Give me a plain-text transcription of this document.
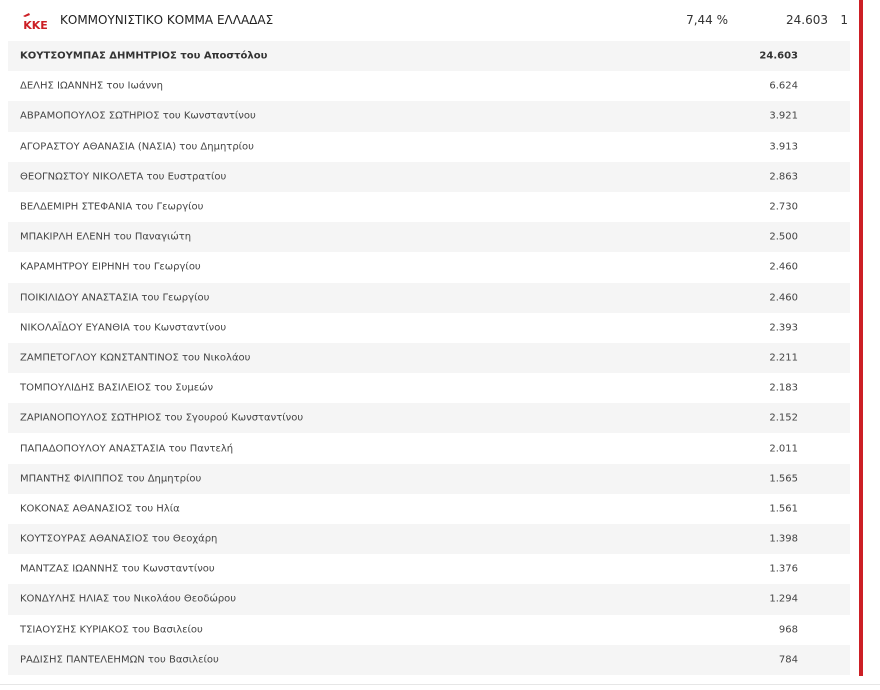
KKE ΚΟΜΜΟΥΝΙΣΤΙΚΟ ΚΟΜΜΑ ΕΛΛΑΔΑΣ	7,44 %	24.603	1
ΚΟΥΤΣΟΥΜΠΑΣ ΔΗΜΗΤΡΙΟΣ του Αποστόλου	24.603
ΔΕΛΗΣ ΙΩΑΝΝΗΣ του Ιωάννη	6.624
ΑΒΡΑΜΟΠΟΥΛΟΣ ΣΩΤΗΡΙΟΣ του Κωνσταντίνου	3.921
ΑΓΟΡΑΣΤΟΥ ΑΘΑΝΑΣΙΑ (ΝΑΣΙΑ) του Δημητρίου	3.913
ΘΕΟΓΝΩΣΤΟΥ ΝΙΚΟΛΕΤΑ του Ευστρατίου	2.863
ΒΕΛΔΕΜΙΡΗ ΣΤΕΦΑΝΙΑ του Γεωργίου	2.730
ΜΠΑΚΙΡΛΗ ΕΛΕΝΗ του Παναγιώτη	2.500
ΚΑΡΑΜΗΤΡΟΥ ΕΙΡΗΝΗ του Γεωργίου	2.460
ΠΟΙΚΙΛΙΔΟΥ ΑΝΑΣΤΑΣΙΑ του Γεωργίου	2.460
ΝΙΚΟΛΑΪΔΟΥ ΕΥΑΝΘΙΑ του Κωνσταντίνου	2.393
ΖΑΜΠΕΤΟΓΛΟΥ ΚΩΝΣΤΑΝΤΙΝΟΣ του Νικολάου	2.211
ΤΟΜΠΟΥΛΙΔΗΣ ΒΑΣΙΛΕΙΟΣ του Συμεών	2.183
ΖΑΡΙΑΝΟΠΟΥΛΟΣ ΣΩΤΗΡΙΟΣ του Σγουρού Κωνσταντίνου	2.152
ΠΑΠΑΔΟΠΟΥΛΟΥ ΑΝΑΣΤΑΣΙΑ του Παντελή	2.011
ΜΠΑΝΤΗΣ ΦΙΛΙΠΠΟΣ του Δημητρίου	1.565
ΚΟΚΟΝΑΣ ΑΘΑΝΑΣΙΟΣ του Ηλία	1.561
ΚΟΥΤΣΟΥΡΑΣ ΑΘΑΝΑΣΙΟΣ του Θεοχάρη	1.398
ΜΑΝΤΖΑΣ ΙΩΑΝΝΗΣ του Κωνσταντίνου	1.376
ΚΟΝΔΥΛΗΣ ΗΛΙΑΣ του Νικολάου Θεοδώρου	1.294
ΤΣΙΑΟΥΣΗΣ ΚΥΡΙΑΚΟΣ του Βασιλείου	968
ΡΑΔΙΣΗΣ ΠΑΝΤΕΛΕΗΜΩΝ του Βασιλείου	784
